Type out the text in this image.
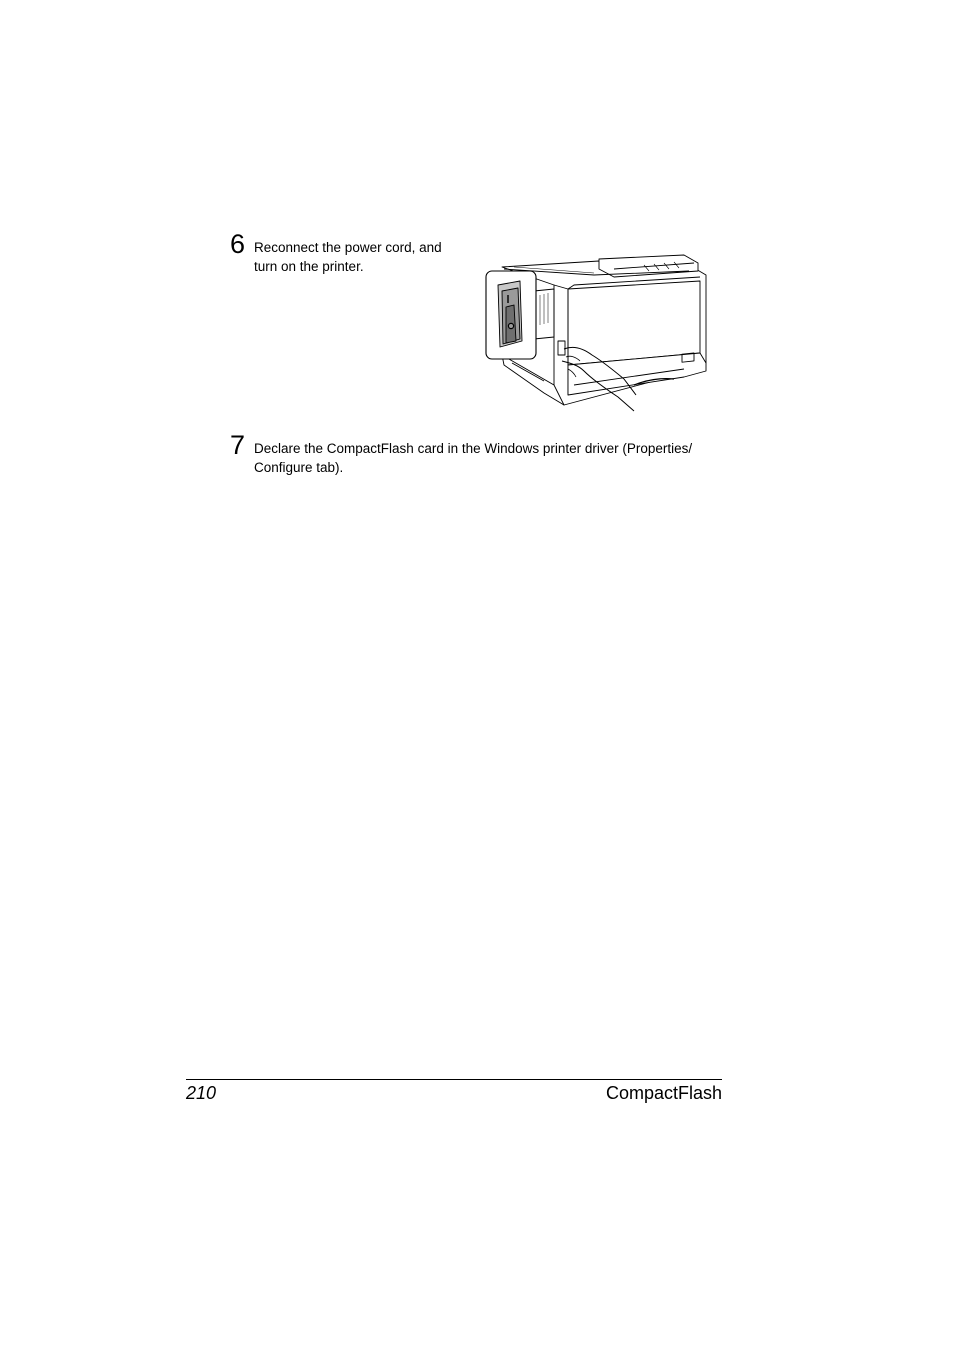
6 Reconnect the power cord, and turn on the printer.
7 Declare the CompactFlash card in the Windows printer driver (Properties/ Configure tab).
210	CompactFlash
